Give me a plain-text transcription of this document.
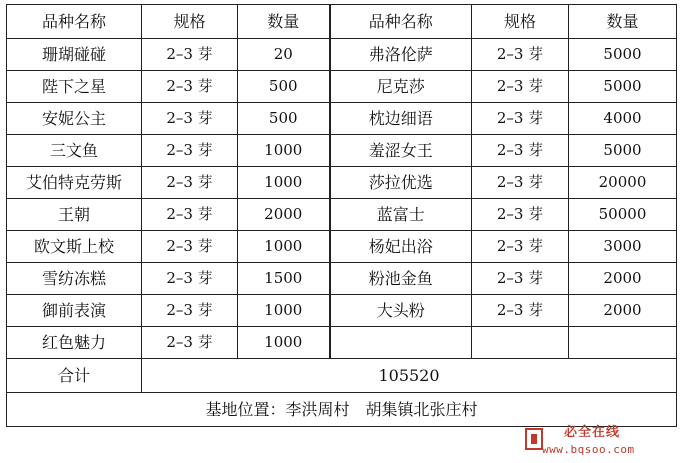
品种名称	规格	数量	品种名称	规格	数量
珊瑚碰碰	2–3 芽	20	弗洛伦萨	2–3 芽	5000
陛下之星	2–3 芽	500	尼克莎	2–3 芽	5000
安妮公主	2–3 芽	500	枕边细语	2–3 芽	4000
三文鱼	2–3 芽	1000	羞涩女王	2–3 芽	5000
艾伯特克劳斯	2–3 芽	1000	莎拉优选	2–3 芽	20000
王朝	2–3 芽	2000	蓝富士	2–3 芽	50000
欧文斯上校	2–3 芽	1000	杨妃出浴	2–3 芽	3000
雪纺冻糕	2–3 芽	1500	粉池金鱼	2–3 芽	2000
御前表演	2–3 芽	1000	大头粉	2–3 芽	2000
红色魅力	2–3 芽	1000			
合计	105520				
基地位置：李洪周村　胡集镇北张庄村					
必全在线
www.bqsoo.com
